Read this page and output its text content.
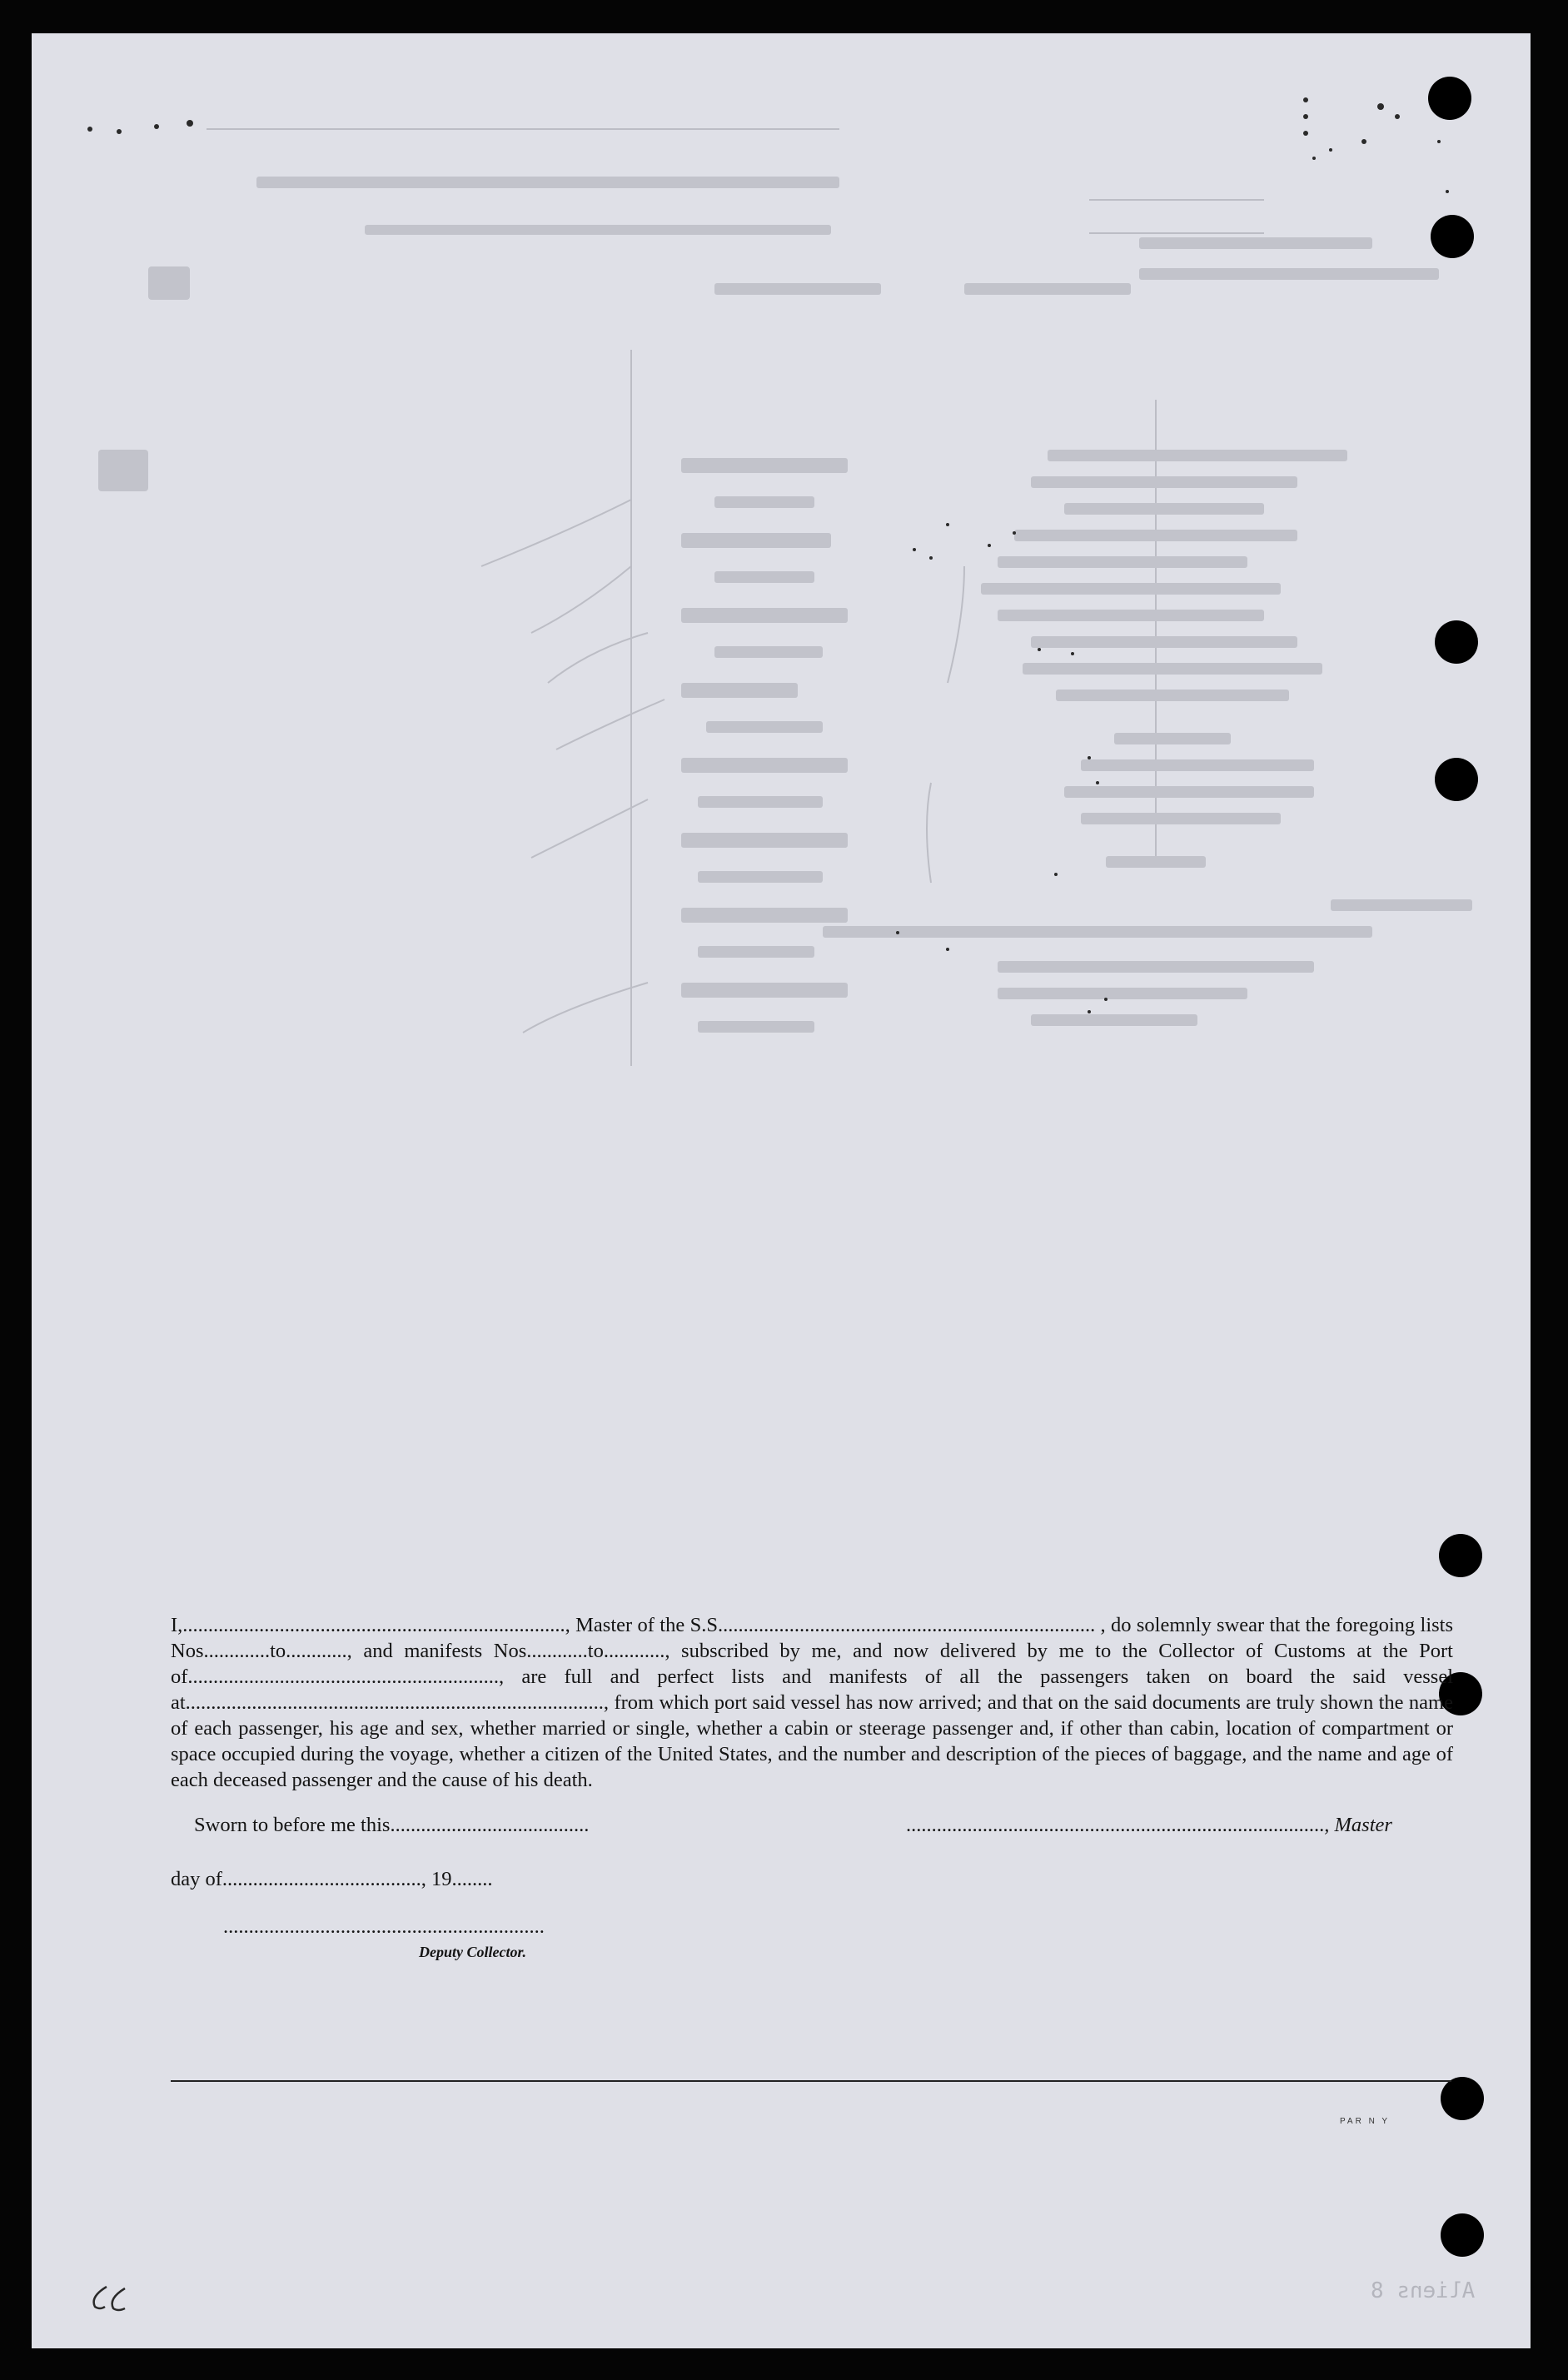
I,..........................................................................., Master of the S.S.......................................................................... , do solemnly swear that the foregoing lists Nos.............to............, and manifests Nos............to............, subscribed by me, and now delivered by me to the Collector of Customs at the Port of............................................................., are full and perfect lists and manifests of all the passengers taken on board the said vessel at.................................................................................., from which port said vessel has now arrived; and that on the said documents are truly shown the name of each passenger, his age and sex, whether married or single, whether a cabin or steerage passenger and, if other than cabin, location of compartment or space occupied during the voyage, whether a citizen of the United States, and the number and description of the pieces of baggage, and the name and age of each deceased passenger and the cause of his death.

Sworn to before me this.......................................	.................................................................................., Master
day of......................................., 19........
...............................................................
Deputy Collector.
PAR N Y
Aliens 8
